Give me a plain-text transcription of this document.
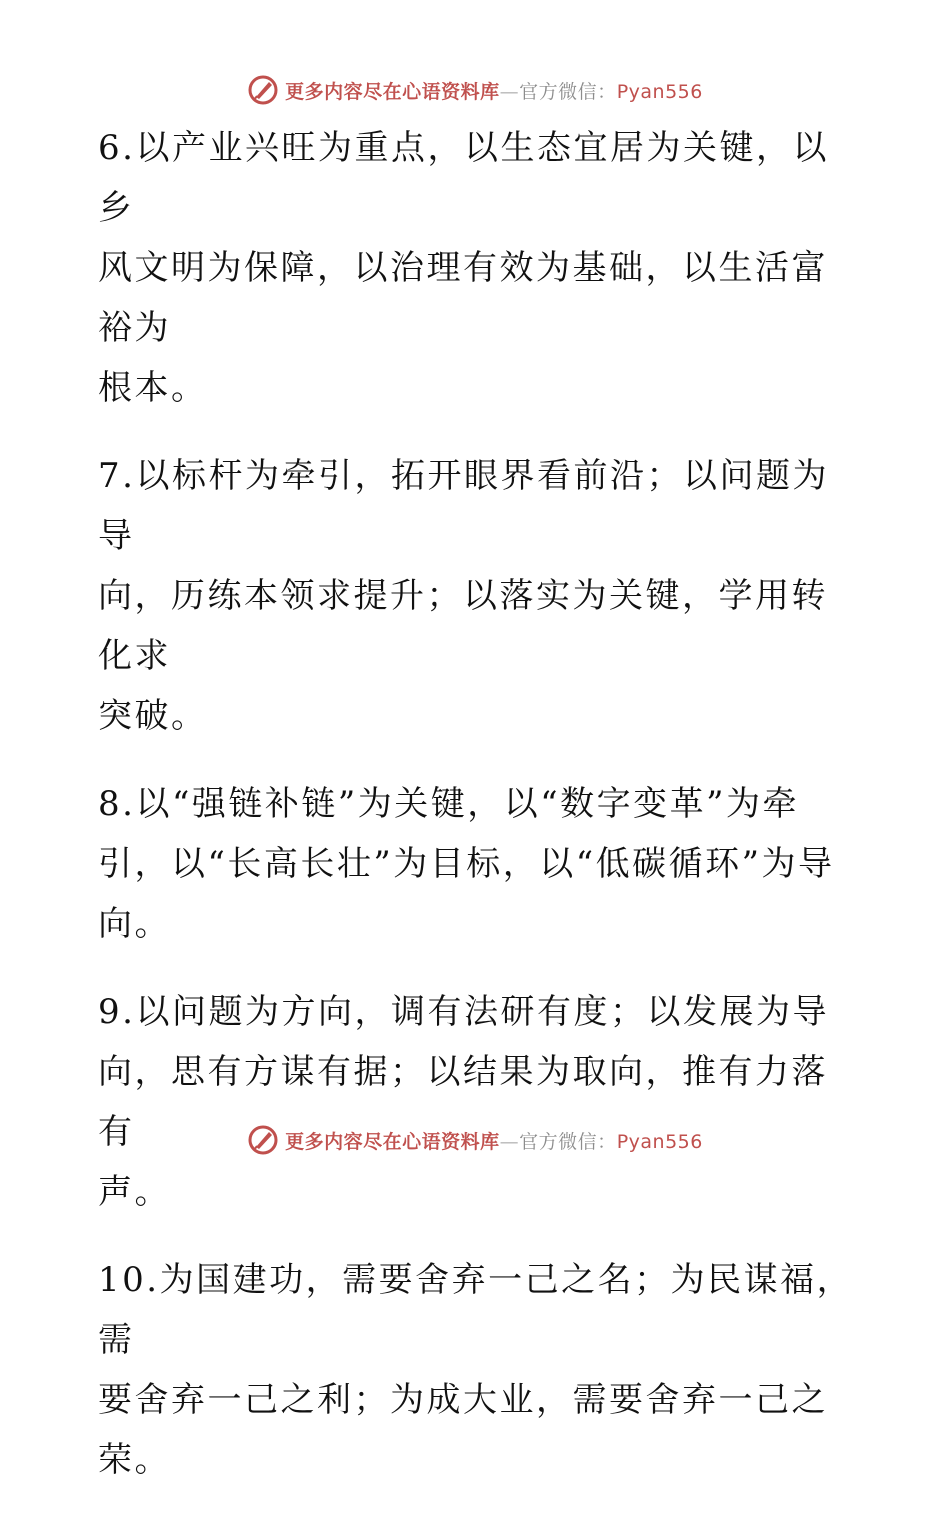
更多内容尽在心语资料库—官方微信：Pyan556

6.以产业兴旺为重点，以生态宜居为关键，以乡
风文明为保障，以治理有效为基础，以生活富裕为
根本。

7.以标杆为牵引，拓开眼界看前沿；以问题为导
向，历练本领求提升；以落实为关键，学用转化求
突破。

8.以“强链补链”为关键，以“数字变革”为牵
引，以“长高长壮”为目标，以“低碳循环”为导
向。

9.以问题为方向，调有法研有度；以发展为导
向，思有方谋有据；以结果为取向，推有力落有
声。

10.为国建功，需要舍弃一己之名；为民谋福，需
要舍弃一己之利；为成大业，需要舍弃一己之荣。

更多内容尽在心语资料库—官方微信：Pyan556
